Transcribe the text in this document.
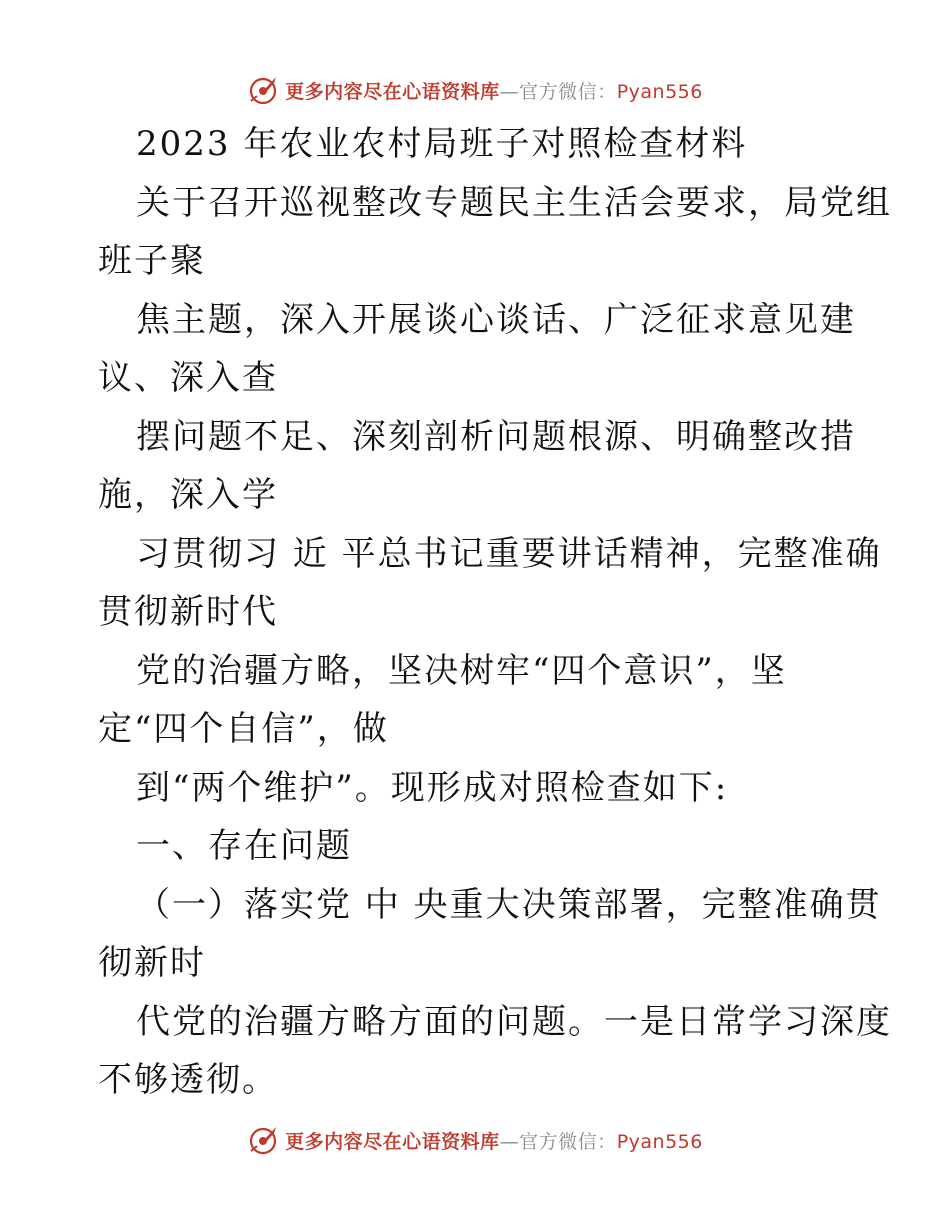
更多内容尽在心语资料库—官方微信：Pyan556
2023 年农业农村局班子对照检查材料
关于召开巡视整改专题民主生活会要求，局党组
班子聚
焦主题，深入开展谈心谈话、广泛征求意见建
议、深入查
摆问题不足、深刻剖析问题根源、明确整改措
施，深入学
习贯彻习 近 平总书记重要讲话精神，完整准确
贯彻新时代
党的治疆方略，坚决树牢“四个意识”，坚
定“四个自信”，做
到“两个维护”。现形成对照检查如下:
一、存在问题
（一）落实党 中 央重大决策部署，完整准确贯
彻新时
代党的治疆方略方面的问题。一是日常学习深度
不够透彻。
更多内容尽在心语资料库—官方微信：Pyan556
